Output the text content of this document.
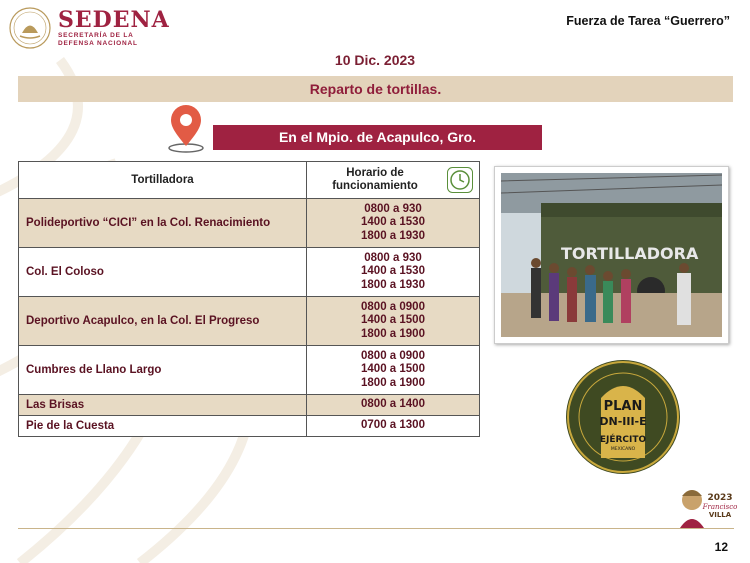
SEDENA
SECRETARÍA DE LA
DEFENSA NACIONAL
Fuerza de Tarea “Guerrero”
10 Dic. 2023
Reparto de tortillas.
En el Mpio. de Acapulco, Gro.
Tortilladora	Horario de
funcionamiento

Polideportivo “CICI” en la Col. Renacimiento	0800 a 930
1400 a 1530
1800 a 1930

Col. El Coloso	0800 a 930
1400 a 1530
1800 a 1930

Deportivo Acapulco, en la Col. El Progreso	0800 a 0900
1400 a 1500
1800 a 1900

Cumbres de Llano Largo	0800 a 0900
1400 a 1500
1800 a 1900

Las Brisas	0800 a 1400
Pie de la Cuesta	0700 a 1300
TORTILLADORA
PLAN
DN-III-E
EJÉRCITO
MEXICANO
2023
Francisco
VILLA
12
